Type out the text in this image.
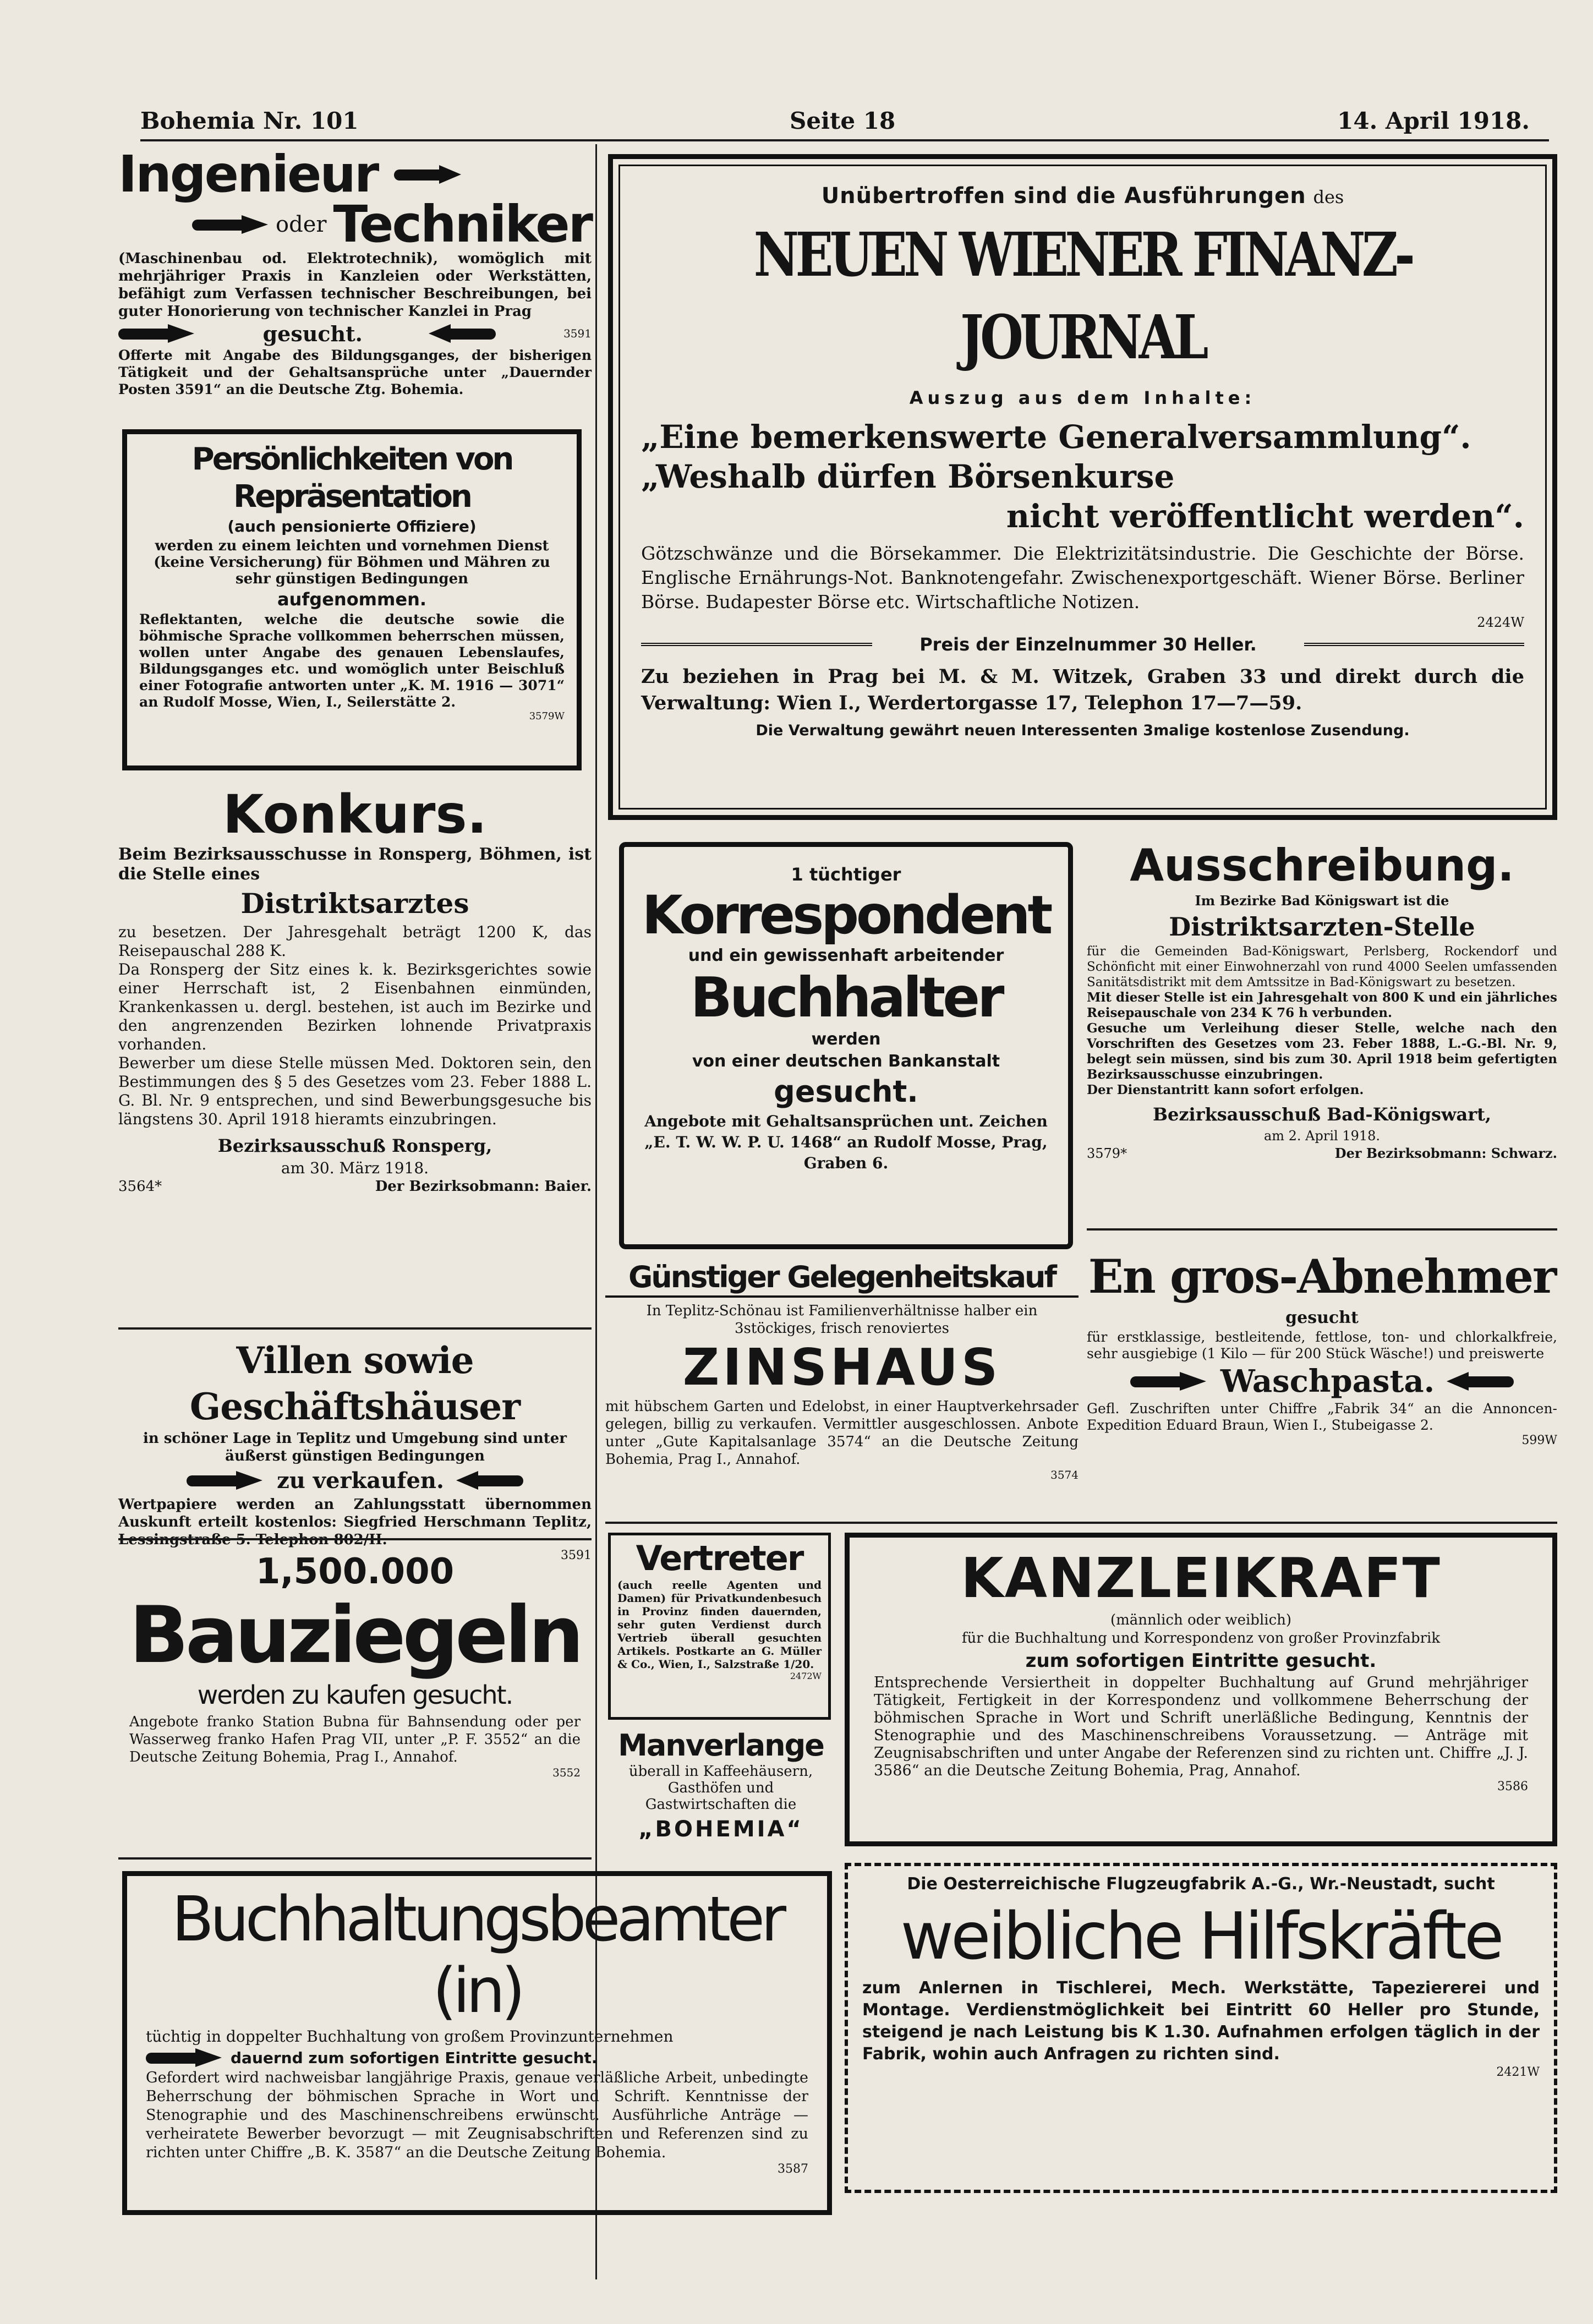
Bohemia Nr. 101	Seite 18	14. April 1918.
Ingenieur
oder Techniker

(Maschinenbau od. Elektrotechnik), womöglich mit mehrjähriger Praxis in Kanzleien oder Werkstätten, befähigt zum Verfassen technischer Beschreibungen, bei guter Honorierung von technischer Kanzlei in Prag

gesucht.	3591

Offerte mit Angabe des Bildungsganges, der bisherigen Tätigkeit und der Gehaltsansprüche unter „Dauernder Posten 3591“ an die Deutsche Ztg. Bohemia.

Persönlichkeiten von Repräsentation
(auch pensionierte Offiziere)

werden zu einem leichten und vornehmen Dienst (keine Versicherung) für Böhmen und Mähren zu sehr günstigen Bedingungen

aufgenommen.

Reflektanten, welche die deutsche sowie die böhmische Sprache vollkommen beherrschen müssen, wollen unter Angabe des genauen Lebenslaufes, Bildungsganges etc. und womöglich unter Beischluß einer Fotografie antworten unter „K. M. 1916 — 3071“ an Rudolf Mosse, Wien, I., Seilerstätte 2.

3579W
Konkurs.

Beim Bezirksausschusse in Ronsperg, Böhmen, ist die Stelle eines

Distriktsarztes

zu besetzen. Der Jahresgehalt beträgt 1200 K, das Reisepauschal 288 K.

Da Ronsperg der Sitz eines k. k. Bezirksgerichtes sowie einer Herrschaft ist, 2 Eisenbahnen einmünden, Krankenkassen u. dergl. bestehen, ist auch im Bezirke und den angrenzenden Bezirken lohnende Privatpraxis vorhanden.

Bewerber um diese Stelle müssen Med. Doktoren sein, den Bestimmungen des § 5 des Gesetzes vom 23. Feber 1888 L. G. Bl. Nr. 9 entsprechen, und sind Bewerbungsgesuche bis längstens 30. April 1918 hieramts einzubringen.

Bezirksausschuß Ronsperg,
am 30. März 1918.
3564*	Der Bezirksobmann: Baier.
Villen sowie Geschäftshäuser

in schöner Lage in Teplitz und Umgebung sind unter äußerst günstigen Bedingungen

zu verkaufen.

Wertpapiere werden an Zahlungsstatt übernommen Auskunft erteilt kostenlos: Siegfried Herschmann Teplitz,

3591
1,500.000
Bauziegeln
werden zu kaufen gesucht.

Angebote franko Station Bubna für Bahnsendung oder per Wasserweg franko Hafen Prag VII, unter „P. F. 3552“ an die Deutsche Zeitung Bohemia, Prag I., Annahof.

3552
Buchhaltungsbeamter (in)

tüchtig in doppelter Buchhaltung von großem Provinzunternehmen

dauernd zum sofortigen Eintritte gesucht.

Gefordert wird nachweisbar langjährige Praxis, genaue verläßliche Arbeit, unbedingte Beherrschung der böhmischen Sprache in Wort und Schrift. Kenntnisse der Stenographie und des Maschinenschreibens erwünscht. Ausführliche Anträge — verheiratete Bewerber bevorzugt — mit Zeugnisabschriften und Referenzen sind zu richten unter Chiffre „B. K. 3587“ an die Deutsche Zeitung Bohemia.

3587
Unübertroffen sind die Ausführungen des
NEUEN WIENER FINANZ-JOURNAL
Auszug aus dem Inhalte:
„Eine bemerkenswerte Generalversammlung“.
„Weshalb dürfen Börsenkurse
nicht veröffentlicht werden“.

Götzschwänze und die Börsekammer. Die Elektrizitätsindustrie. Die Geschichte der Börse. Englische Ernährungs-Not. Banknotengefahr. Zwischenexportgeschäft. Wiener Börse. Berliner Börse. Budapester Börse etc. Wirtschaftliche Notizen.

2424W
Preis der Einzelnummer 30 Heller.

Zu beziehen in Prag bei M. & M. Witzek, Graben 33 und direkt durch die Verwaltung: Wien I., Werdertorgasse 17, Telephon 17—7—59.

Die Verwaltung gewährt neuen Interessenten 3malige kostenlose Zusendung.
1 tüchtiger
Korrespondent
und ein gewissenhaft arbeitender
Buchhalter
werden
von einer deutschen Bankanstalt
gesucht.

Angebote mit Gehaltsansprüchen unt. Zeichen „E. T. W. W. P. U. 1468“ an Rudolf Mosse, Prag, Graben 6.

Ausschreibung.
Im Bezirke Bad Königswart ist die
Distriktsarzten-Stelle

für die Gemeinden Bad-Königswart, Perlsberg, Rockendorf und Schönficht mit einer Einwohnerzahl von rund 4000 Seelen umfassenden Sanitätsdistrikt mit dem Amtssitze in Bad-Königswart zu besetzen.

Mit dieser Stelle ist ein Jahresgehalt von 800 K und ein jährliches Reisepauschale von 234 K 76 h verbunden.

Gesuche um Verleihung dieser Stelle, welche nach den Vorschriften des Gesetzes vom 23. Feber 1888, L.-G.-Bl. Nr. 9, belegt sein müssen, sind bis zum 30. April 1918 beim gefertigten Bezirksausschusse einzubringen.

Der Dienstantritt kann sofort erfolgen.

Bezirksausschuß Bad-Königswart,
am 2. April 1918.
3579*	Der Bezirksobmann: Schwarz.
Günstiger Gelegenheitskauf

In Teplitz-Schönau ist Familienverhältnisse halber ein 3stöckiges, frisch renoviertes

ZINSHAUS

mit hübschem Garten und Edelobst, in einer Hauptverkehrsader gelegen, billig zu verkaufen. Vermittler ausgeschlossen. Anbote unter „Gute Kapitalsanlage 3574“ an die Deutsche Zeitung Bohemia, Prag I., Annahof.

3574
En gros-Abnehmer
gesucht

für erstklassige, bestleitende, fettlose, ton- und chlorkalkfreie, sehr ausgiebige (1 Kilo — für 200 Stück Wäsche!) und preiswerte

Waschpasta.

Gefl. Zuschriften unter Chiffre „Fabrik 34“ an die Annoncen-Expedition Eduard Braun, Wien I., Stubeigasse 2.

599W
Vertreter

(auch reelle Agenten und Damen) für Privatkundenbesuch in Provinz finden dauernden, sehr guten Verdienst durch Vertrieb überall gesuchten Artikels. Postkarte an G. Müller & Co., Wien, I., Salzstraße 1/20.

2472W
Manverlange

überall in Kaffeehäusern, Gasthöfen und Gastwirtschaften die

„BOHEMIA“
KANZLEIKRAFT
(männlich oder weiblich)
für die Buchhaltung und Korrespondenz von großer Provinzfabrik
zum sofortigen Eintritte gesucht.

Entsprechende Versiertheit in doppelter Buchhaltung auf Grund mehrjähriger Tätigkeit, Fertigkeit in der Korrespondenz und vollkommene Beherrschung der böhmischen Sprache in Wort und Schrift unerläßliche Bedingung, Kenntnis der Stenographie und des Maschinenschreibens Voraussetzung. — Anträge mit Zeugnisabschriften und unter Angabe der Referenzen sind zu richten unt. Chiffre „J. J. 3586“ an die Deutsche Zeitung Bohemia, Prag, Annahof.

3586
Die Oesterreichische Flugzeugfabrik A.-G., Wr.-Neustadt, sucht
weibliche Hilfskräfte

zum Anlernen in Tischlerei, Mech. Werkstätte, Tapeziererei und Montage. Verdienstmöglichkeit bei Eintritt 60 Heller pro Stunde, steigend je nach Leistung bis K 1.30. Aufnahmen erfolgen täglich in der Fabrik, wohin auch Anfragen zu richten sind.

2421W
